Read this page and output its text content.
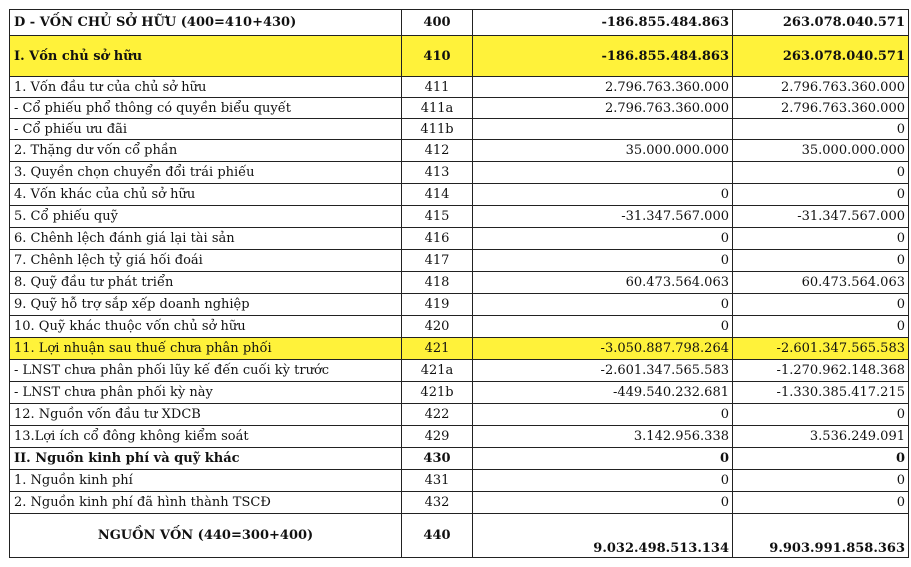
D - VỐN CHỦ SỞ HỮU (400=410+430)	400	-186.855.484.863	263.078.040.571
I. Vốn chủ sở hữu	410	-186.855.484.863	263.078.040.571
1. Vốn đầu tư của chủ sở hữu	411	2.796.763.360.000	2.796.763.360.000
- Cổ phiếu phổ thông có quyền biểu quyết	411a	2.796.763.360.000	2.796.763.360.000
- Cổ phiếu ưu đãi	411b		0
2. Thặng dư vốn cổ phần	412	35.000.000.000	35.000.000.000
3. Quyền chọn chuyển đổi trái phiếu	413		0
4. Vốn khác của chủ sở hữu	414	0	0
5. Cổ phiếu quỹ	415	-31.347.567.000	-31.347.567.000
6. Chênh lệch đánh giá lại tài sản	416	0	0
7. Chênh lệch tỷ giá hối đoái	417	0	0
8. Quỹ đầu tư phát triển	418	60.473.564.063	60.473.564.063
9. Quỹ hỗ trợ sắp xếp doanh nghiệp	419	0	0
10. Quỹ khác thuộc vốn chủ sở hữu	420	0	0
11. Lợi nhuận sau thuế chưa phân phối	421	-3.050.887.798.264	-2.601.347.565.583
- LNST chưa phân phối lũy kế đến cuối kỳ trước	421a	-2.601.347.565.583	-1.270.962.148.368
- LNST chưa phân phối kỳ này	421b	-449.540.232.681	-1.330.385.417.215
12. Nguồn vốn đầu tư XDCB	422	0	0
13.Lợi ích cổ đông không kiểm soát	429	3.142.956.338	3.536.249.091
II. Nguồn kinh phí và quỹ khác	430	0	0
1. Nguồn kinh phí	431	0	0
2. Nguồn kinh phí đã hình thành TSCĐ	432	0	0
NGUỒN VỐN (440=300+400)	440	9.032.498.513.134	9.903.991.858.363
